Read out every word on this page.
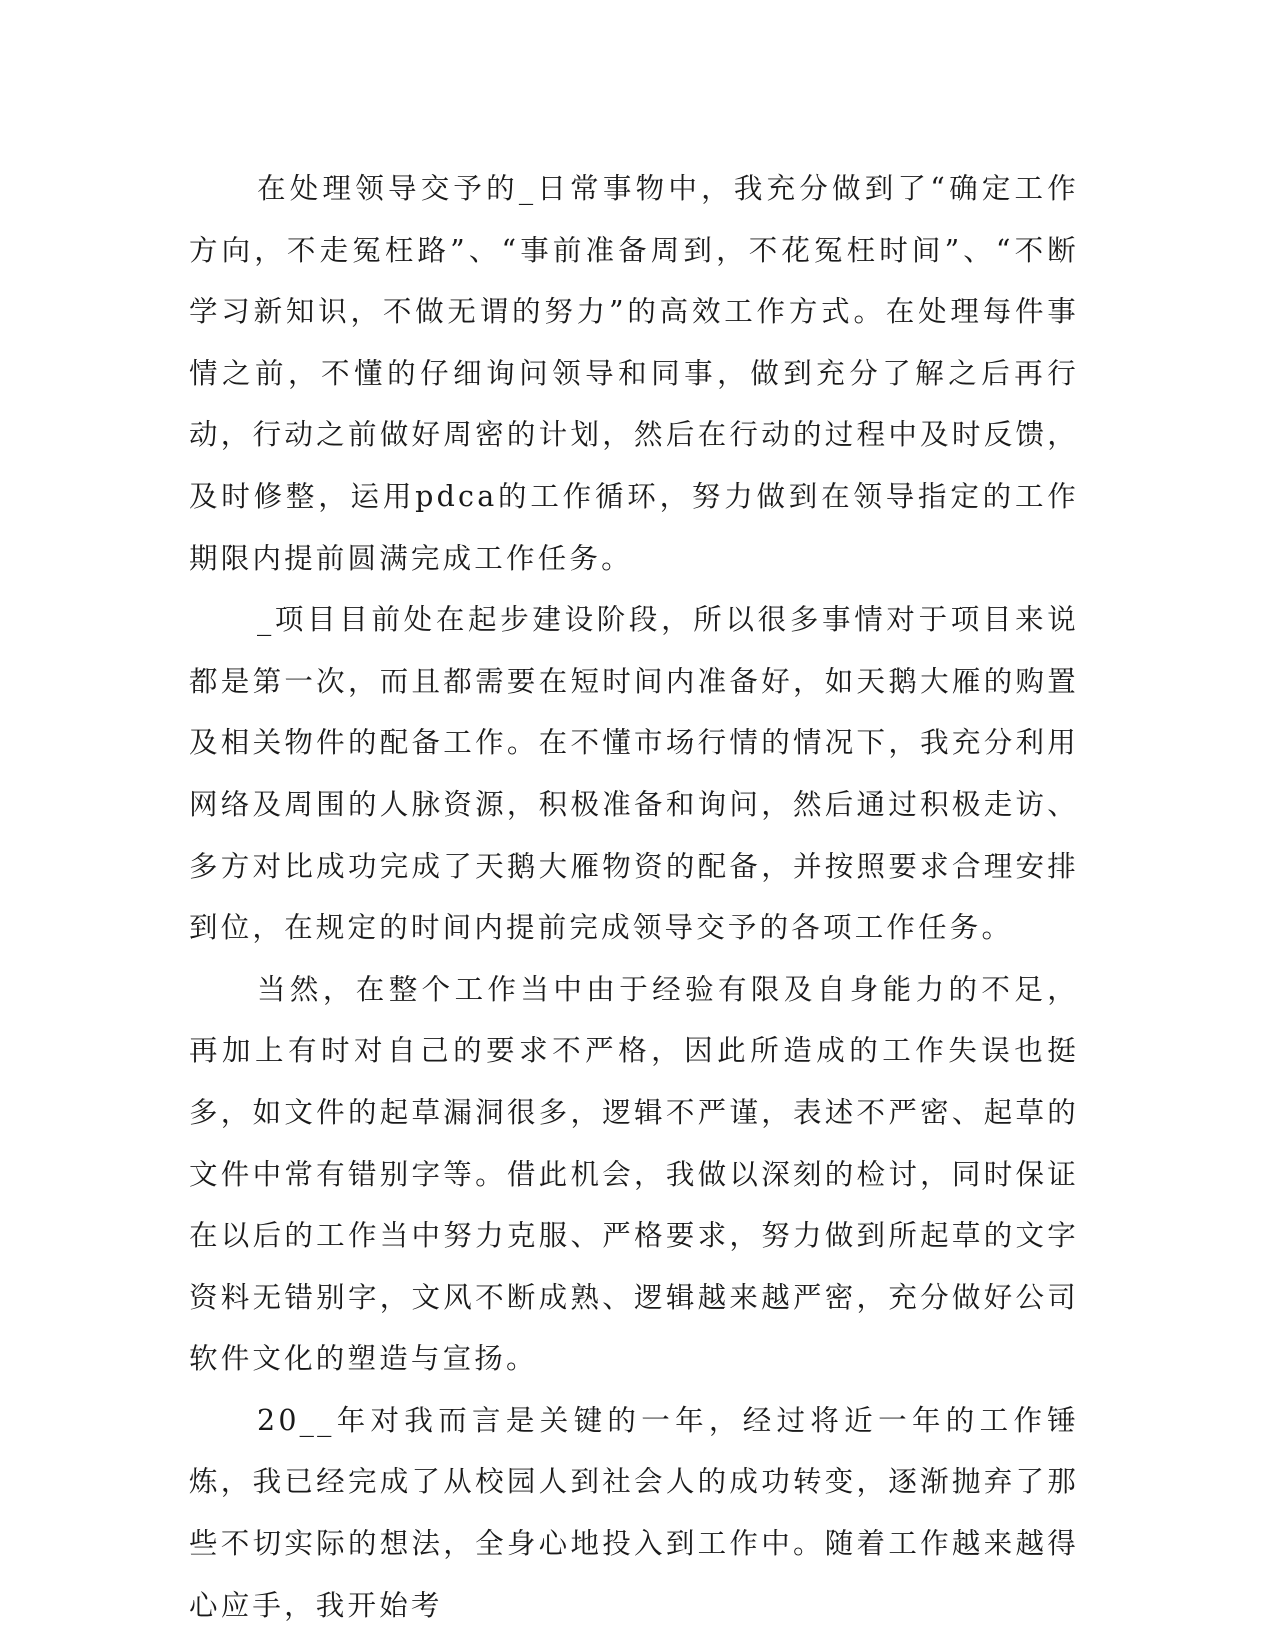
在处理领导交予的_日常事物中，我充分做到了“确定工作方向，不走冤枉路”、“事前准备周到，不花冤枉时间”、“不断学习新知识，不做无谓的努力”的高效工作方式。在处理每件事情之前，不懂的仔细询问领导和同事，做到充分了解之后再行动，行动之前做好周密的计划，然后在行动的过程中及时反馈，及时修整，运用pdca的工作循环，努力做到在领导指定的工作期限内提前圆满完成工作任务。

_项目目前处在起步建设阶段，所以很多事情对于项目来说都是第一次，而且都需要在短时间内准备好，如天鹅大雁的购置及相关物件的配备工作。在不懂市场行情的情况下，我充分利用网络及周围的人脉资源，积极准备和询问，然后通过积极走访、多方对比成功完成了天鹅大雁物资的配备，并按照要求合理安排到位，在规定的时间内提前完成领导交予的各项工作任务。

当然，在整个工作当中由于经验有限及自身能力的不足，再加上有时对自己的要求不严格，因此所造成的工作失误也挺多，如文件的起草漏洞很多，逻辑不严谨，表述不严密、起草的文件中常有错别字等。借此机会，我做以深刻的检讨，同时保证在以后的工作当中努力克服、严格要求，努力做到所起草的文字资料无错别字，文风不断成熟、逻辑越来越严密，充分做好公司软件文化的塑造与宣扬。

20__年对我而言是关键的一年，经过将近一年的工作锤炼，我已经完成了从校园人到社会人的成功转变，逐渐抛弃了那些不切实际的想法，全身心地投入到工作中。随着工作越来越得心应手，我开始考
